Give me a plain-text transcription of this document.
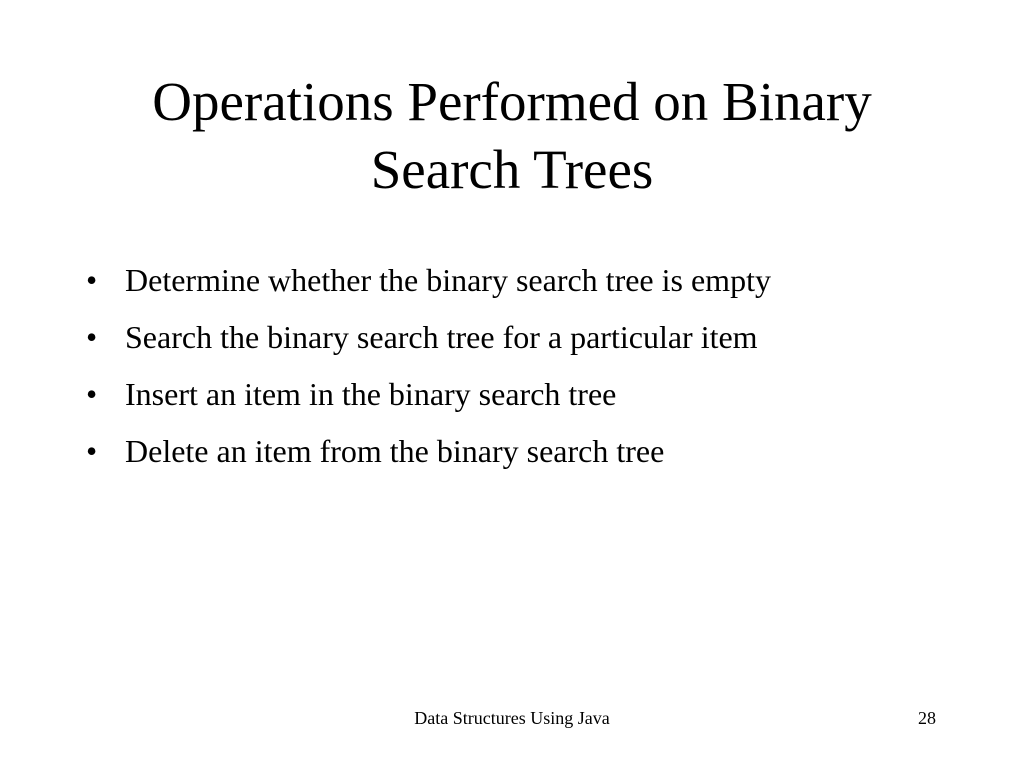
Operations Performed on Binary
Search Trees
• Determine whether the binary search tree is empty
• Search the binary search tree for a particular item
• Insert an item in the binary search tree
• Delete an item from the binary search tree
Data Structures Using Java	28
